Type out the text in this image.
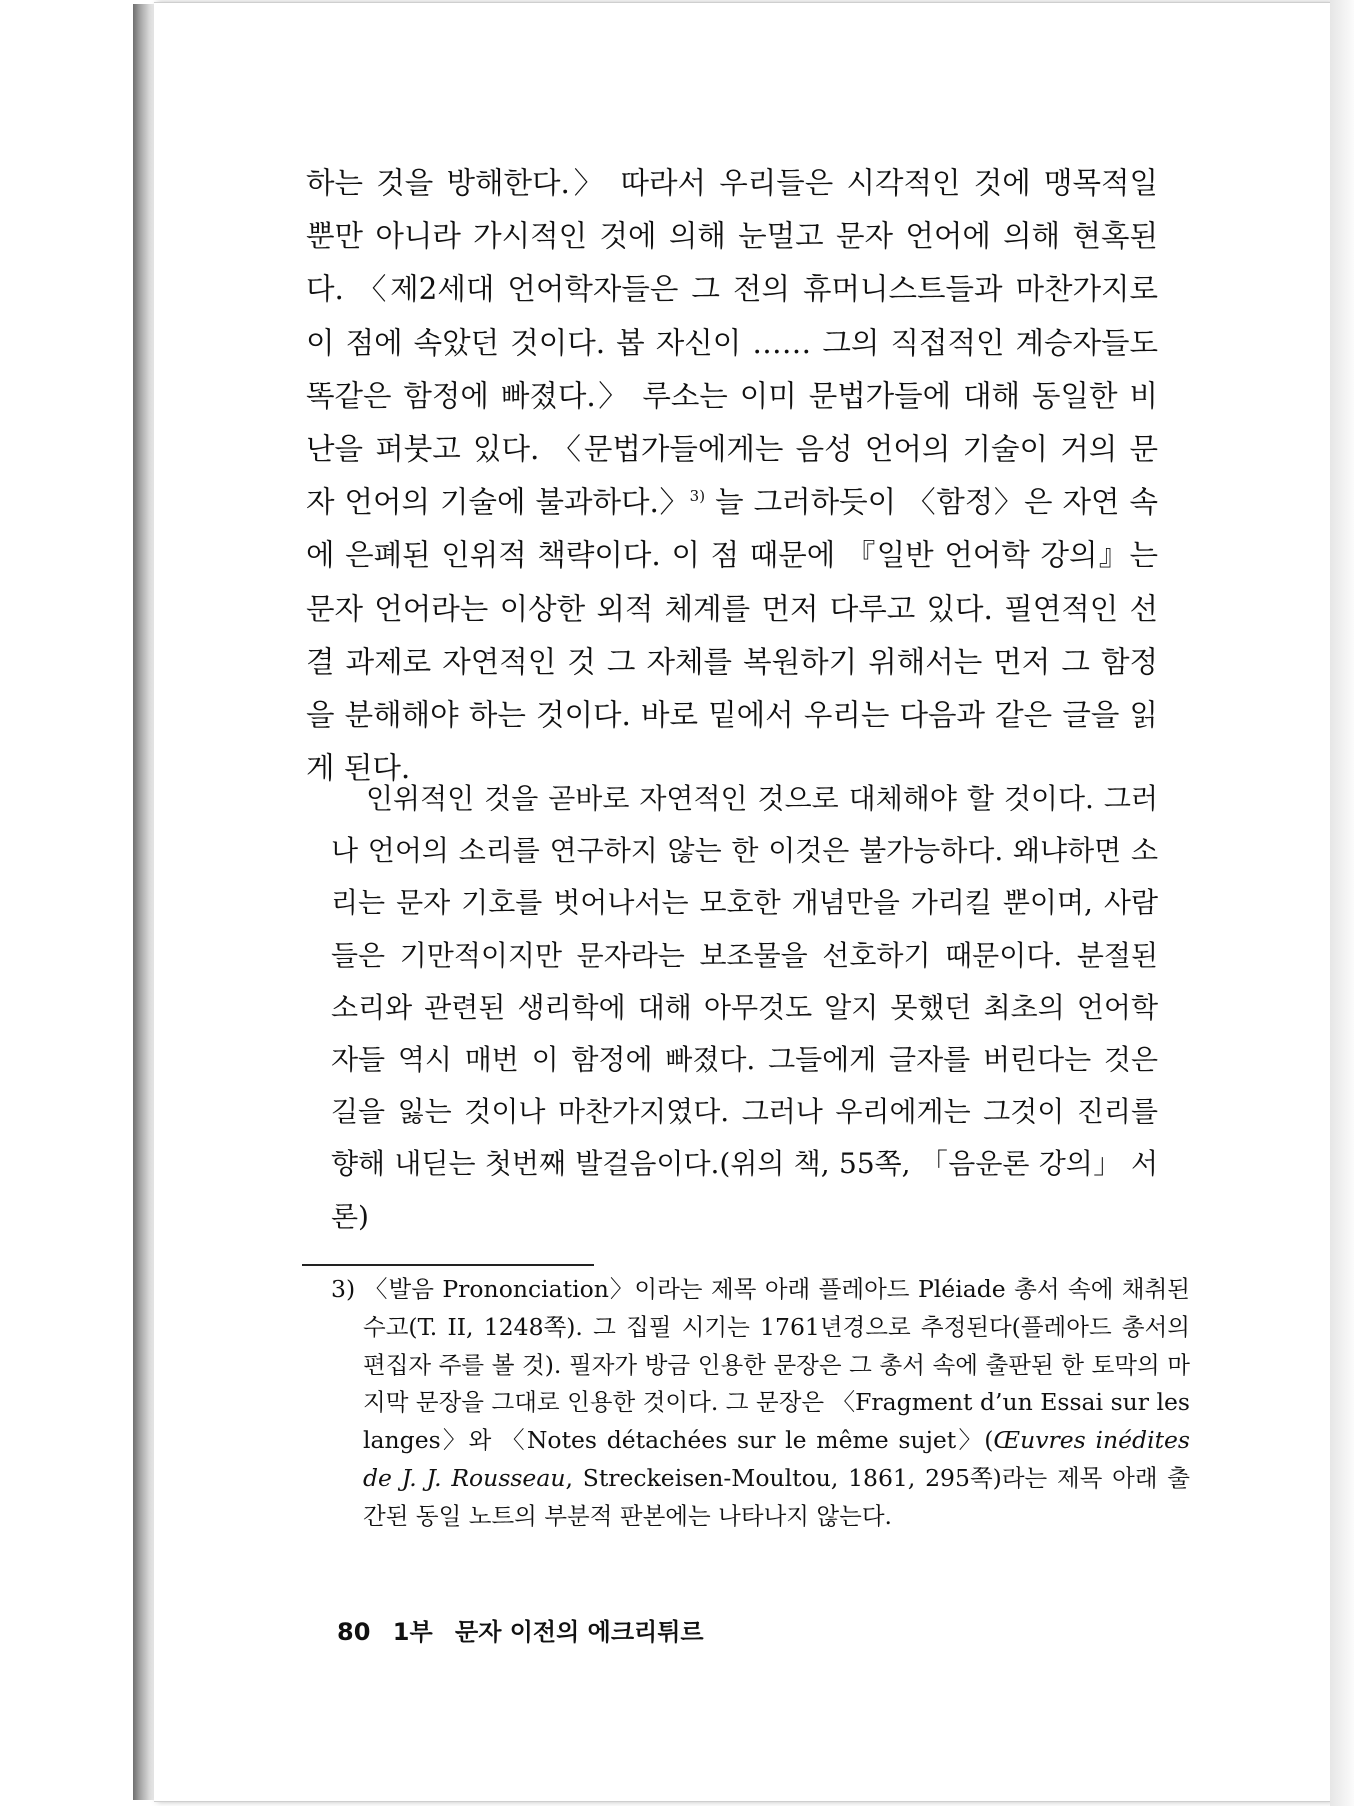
하는 것을 방해한다.〉 따라서 우리들은 시각적인 것에 맹목적일 뿐만 아니라 가시적인 것에 의해 눈멀고 문자 언어에 의해 현혹된다. 〈제2세대 언어학자들은 그 전의 휴머니스트들과 마찬가지로 이 점에 속았던 것이다. 봅 자신이 …… 그의 직접적인 계승자들도 똑같은 함정에 빠졌다.〉 루소는 이미 문법가들에 대해 동일한 비난을 퍼붓고 있다. 〈문법가들에게는 음성 언어의 기술이 거의 문자 언어의 기술에 불과하다.〉$^{3)}$ 늘 그러하듯이 〈함정〉은 자연 속에 은폐된 인위적 책략이다. 이 점 때문에 『일반 언어학 강의』는 문자 언어라는 이상한 외적 체계를 먼저 다루고 있다. 필연적인 선결 과제로 자연적인 것 그 자체를 복원하기 위해서는 먼저 그 함정을 분해해야 하는 것이다. 바로 밑에서 우리는 다음과 같은 글을 읽게 된다.

인위적인 것을 곧바로 자연적인 것으로 대체해야 할 것이다. 그러나 언어의 소리를 연구하지 않는 한 이것은 불가능하다. 왜냐하면 소리는 문자 기호를 벗어나서는 모호한 개념만을 가리킬 뿐이며, 사람들은 기만적이지만 문자라는 보조물을 선호하기 때문이다. 분절된 소리와 관련된 생리학에 대해 아무것도 알지 못했던 최초의 언어학자들 역시 매번 이 함정에 빠졌다. 그들에게 글자를 버린다는 것은 길을 잃는 것이나 마찬가지였다. 그러나 우리에게는 그것이 진리를 향해 내딛는 첫번째 발걸음이다.(위의 책, 55쪽, 「음운론 강의」 서론)

3) 〈발음 Prononciation〉이라는 제목 아래 플레아드 Pléiade 총서 속에 채취된 수고(T. II, 1248쪽). 그 집필 시기는 1761년경으로 추정된다(플레아드 총서의 편집자 주를 볼 것). 필자가 방금 인용한 문장은 그 총서 속에 출판된 한 토막의 마지막 문장을 그대로 인용한 것이다. 그 문장은 〈Fragment d’un Essai sur les langes〉와 〈Notes détachées sur le même sujet〉(Œuvres inédites de J. J. Rousseau, Streckeisen-Moultou, 1861, 295쪽)라는 제목 아래 출간된 동일 노트의 부분적 판본에는 나타나지 않는다.

80 1부 문자 이전의 에크리튀르
